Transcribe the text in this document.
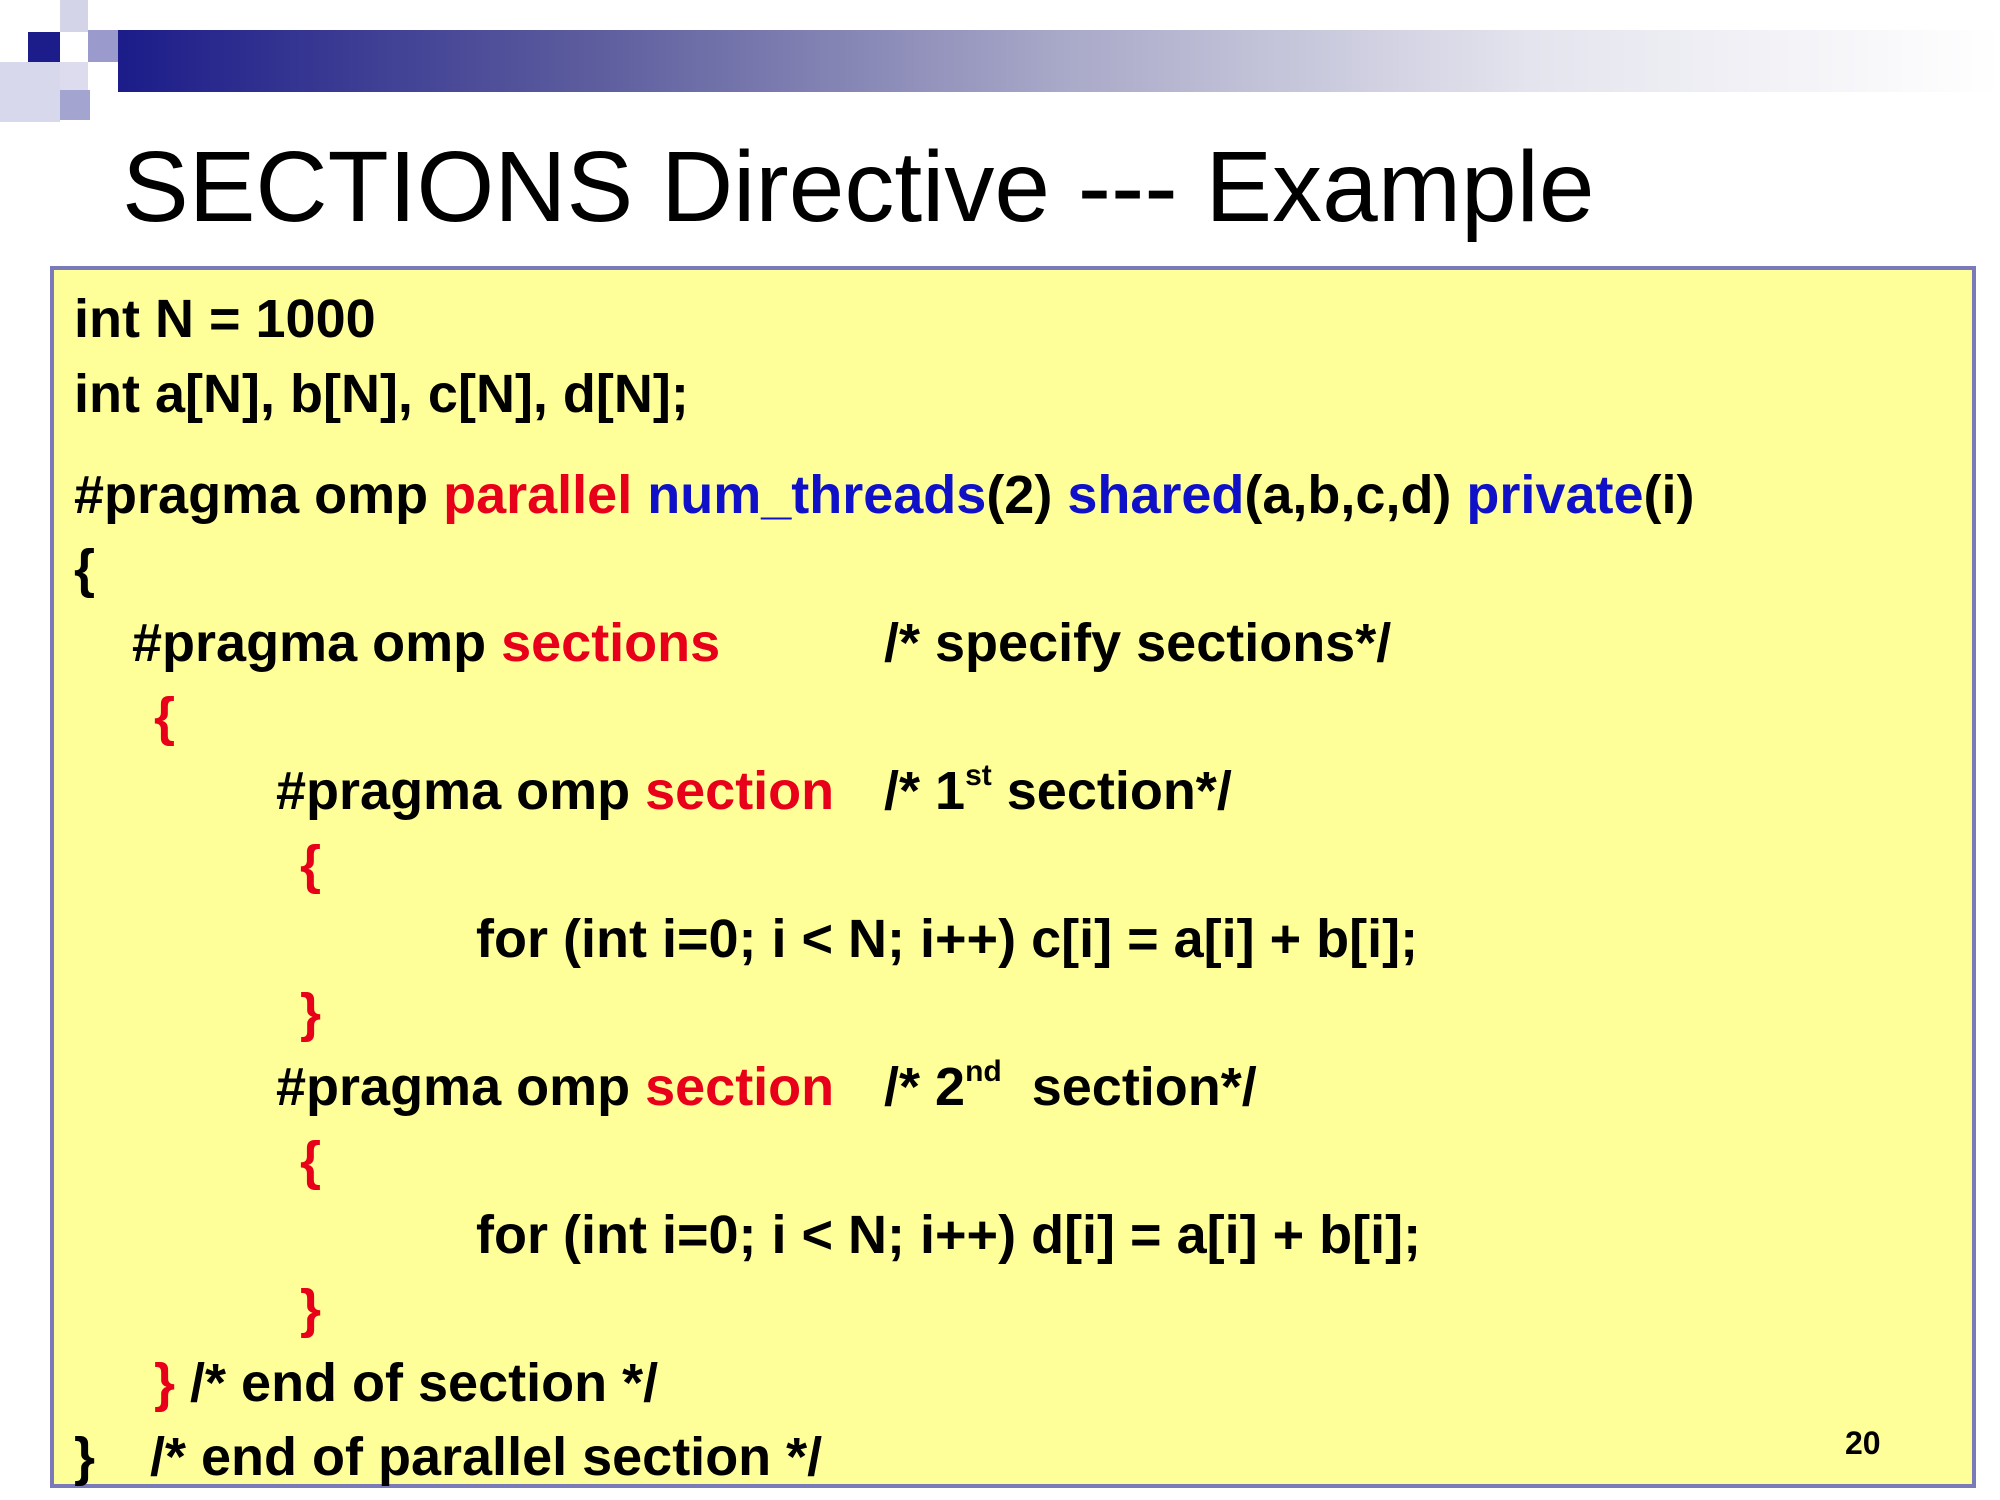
SECTIONS Directive --- Example
int N = 1000
int a[N], b[N], c[N], d[N];
#pragma omp parallel num_threads(2) shared(a,b,c,d) private(i)
{
#pragma omp sections	/* specify sections*/
{
#pragma omp section /* 1st section*/
{
for (int i=0; i < N; i++) c[i] = a[i] + b[i];
}
#pragma omp section /* 2nd  section*/
{
for (int i=0; i < N; i++) d[i] = a[i] + b[i];
}
} /* end of section */
} /* end of parallel section */	20
